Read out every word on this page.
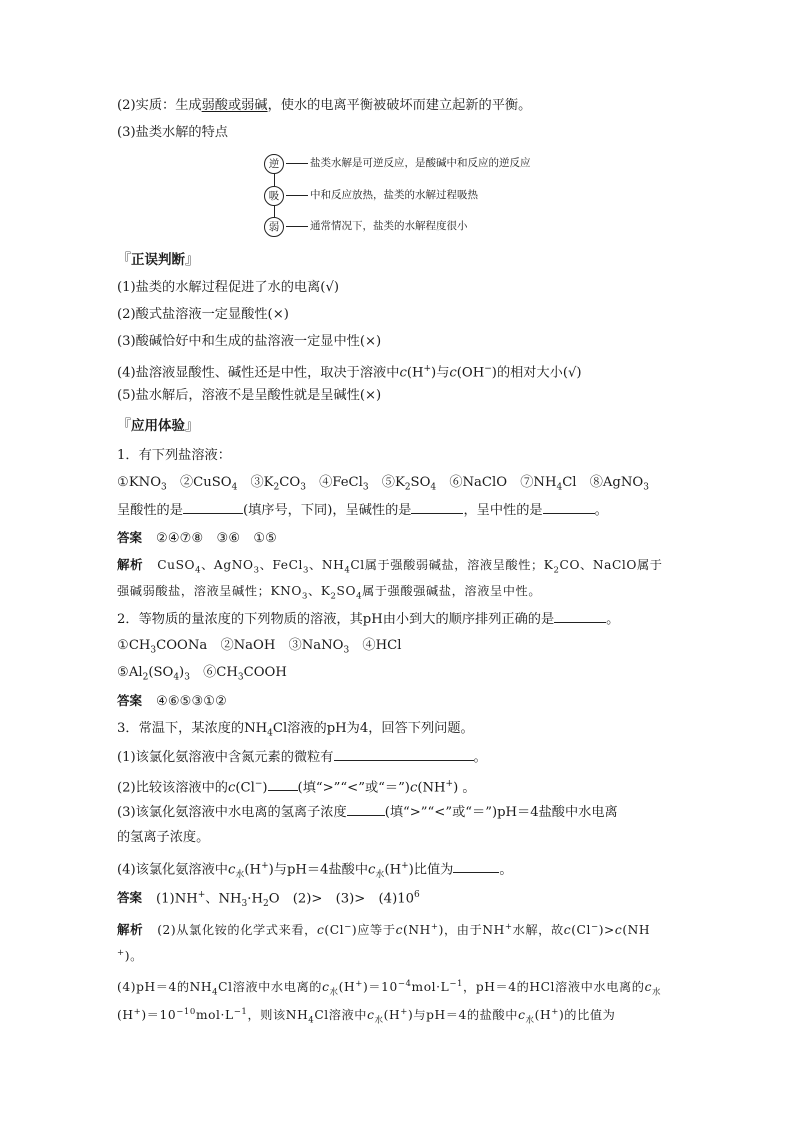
(2)实质：生成弱酸或弱碱，使水的电离平衡被破坏而建立起新的平衡。
(3)盐类水解的特点
逆
吸
弱
盐类水解是可逆反应，是酸碱中和反应的逆反应
中和反应放热，盐类的水解过程吸热
通常情况下，盐类的水解程度很小
『正误判断』
(1)盐类的水解过程促进了水的电离(√)
(2)酸式盐溶液一定显酸性(×)
(3)酸碱恰好中和生成的盐溶液一定显中性(×)
(4)盐溶液显酸性、碱性还是中性，取决于溶液中c(H+)与c(OH−)的相对大小(√)
(5)盐水解后，溶液不是呈酸性就是呈碱性(×)
『应用体验』
1．有下列盐溶液：
$①KNO_3$　 ②CuSO$_4$　 $③K_2CO_3$　 ④FeCl$_3$　 $⑤K_2SO_4$　 ⑥NaClO　 $⑦NH_4Cl$　 ⑧AgNO$_3$
呈酸性的是	(填序号，下同)，呈碱性的是	，呈中性的是	。
答案 ②④⑦⑧　③⑥　①⑤
解析 CuSO$_4$、AgNO$_3$、FeCl$_3$、$NH_4Cl$属于强酸弱碱盐，溶液呈酸性；$K_2CO$、NaClO属于
强碱弱酸盐，溶液呈碱性；$KNO_3$、$K_2SO_4$属于强酸强碱盐，溶液呈中性。
2．等物质的量浓度的下列物质的溶液，其pH由小到大的顺序排列正确的是	。
$①CH_3COONa$　②NaOH　③NaNO$_3$　④HCl
$⑤Al_2(SO_4)_3$　$⑥CH_3COOH$
答案 ④⑥⑤③①②
3．常温下，某浓度的$NH_4Cl$溶液的pH为4，回答下列问题。
(1)该氯化氨溶液中含氮元素的微粒有	。
(2)比较该溶液中的c(Cl−) (填“>”“<”或“＝”)c(NH+) 。
(3)该氯化氨溶液中水电离的氢离子浓度	(填“>”“<”或“＝”)pH＝4盐酸中水电离
的氢离子浓度。
(4)该氯化氨溶液中$c_水(H^+)$与pH＝4盐酸中$c_水(H^+)$比值为	。
答案 (1)NH+、$NH_3\cdot H_2O$　(2)>　(3)>　$(4)10^6$
解析 (2)从氯化铵的化学式来看，c(Cl−)应等于c(NH+)，由于NH+水解，故c(Cl−)>c(NH
+)。
(4)pH＝4的$NH_4Cl$溶液中水电离的$c_水(H^+)=10^{-4}mol\cdot L^{-1}$，pH＝4的HCl溶液中水电离的$c_水$
$(H^+)=10^{-10}mol\cdot L^{-1}$，则该$NH_4Cl$溶液中$c_水(H^+)$与pH＝4的盐酸中$c_水(H^+)$的比值为
